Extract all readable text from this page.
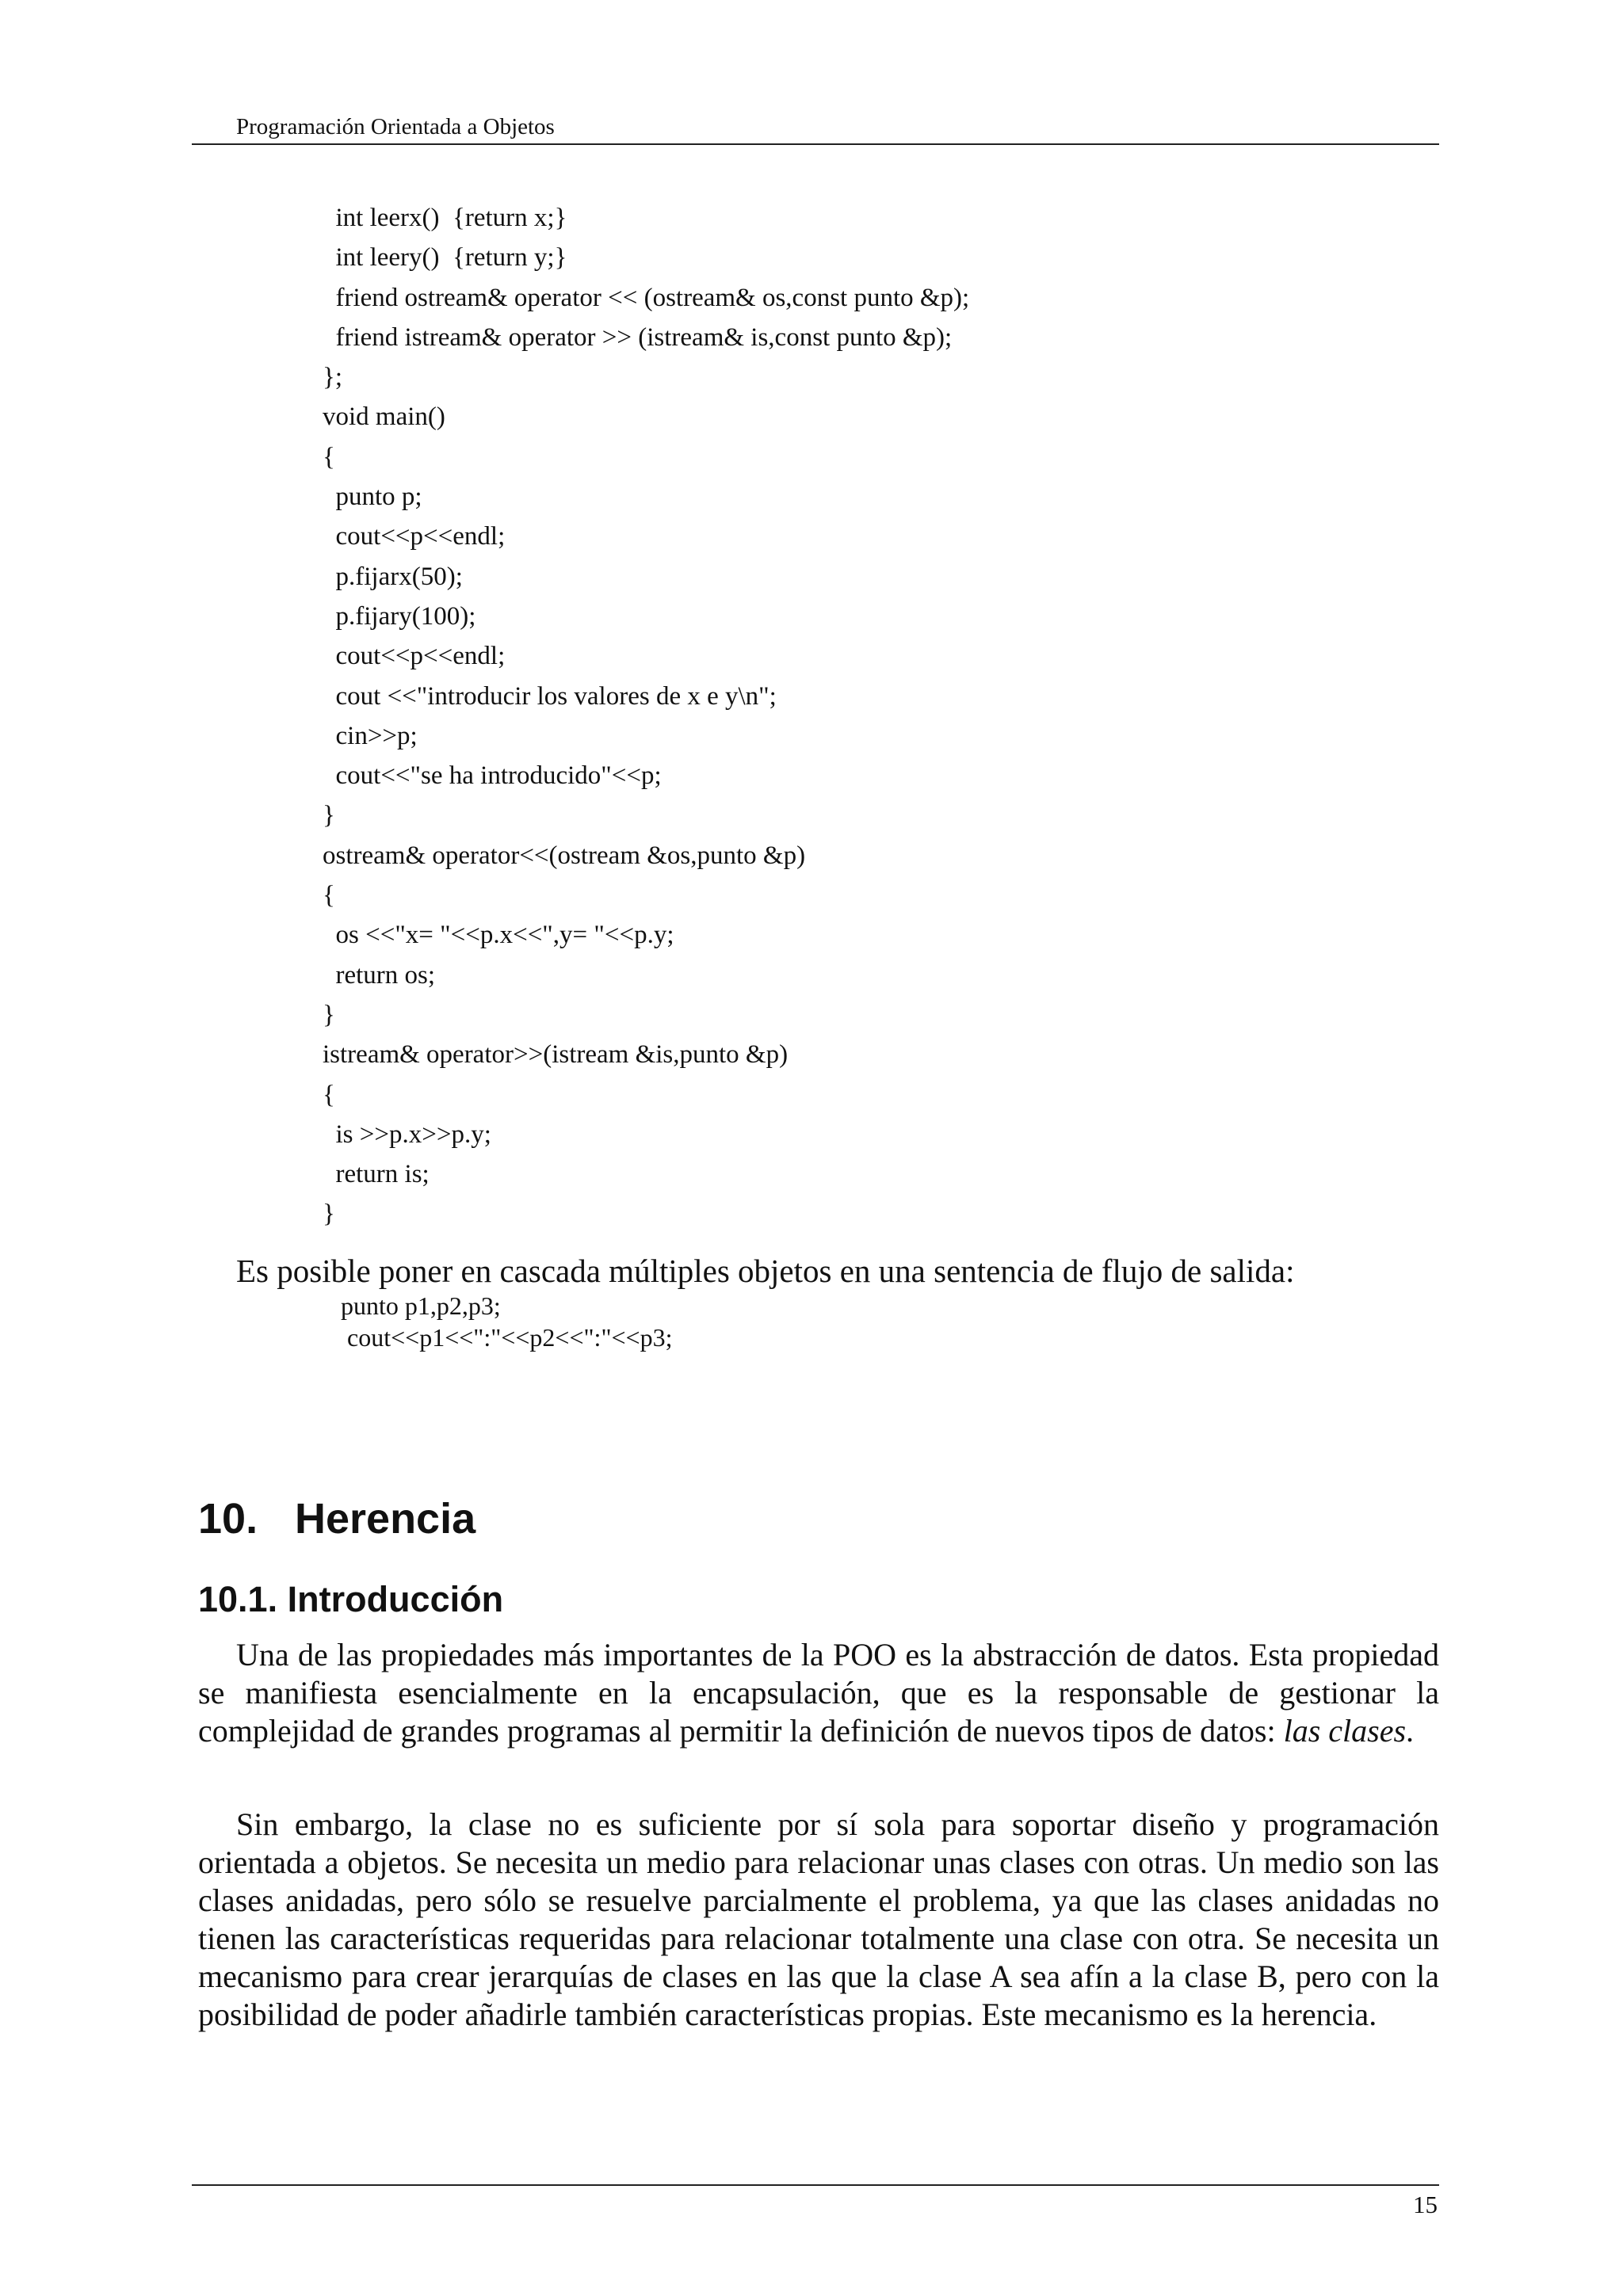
Programación Orientada a Objetos
int leerx()  {return x;}
int leery()  {return y;}
friend ostream& operator << (ostream& os,const punto &p);
friend istream& operator >> (istream& is,const punto &p);
};
void main()
{
punto p;
cout<<p<<endl;
p.fijarx(50);
p.fijary(100);
cout<<p<<endl;
cout <<"introducir los valores de x e y\n";
cin>>p;
cout<<"se ha introducido"<<p;
}
ostream& operator<<(ostream &os,punto &p)
{
os <<"x= "<<p.x<<",y= "<<p.y;
return os;
}
istream& operator>>(istream &is,punto &p)
{
is >>p.x>>p.y;
return is;
}
Es posible poner en cascada múltiples objetos en una sentencia de flujo de salida:
punto p1,p2,p3;
cout<<p1<<":"<<p2<<":"<<p3;
10. Herencia
10.1. Introducción

Una de las propiedades más importantes de la POO es la abstracción de datos. Esta propiedad se manifiesta esencialmente en la encapsulación, que es la responsable de gestionar la complejidad de grandes programas al permitir la definición de nuevos tipos de datos: las clases.

Sin embargo, la clase no es suficiente por sí sola para soportar diseño y programación orientada a objetos. Se necesita un medio para relacionar unas clases con otras. Un medio son las clases anidadas, pero sólo se resuelve parcialmente el problema, ya que las clases anidadas no tienen las características requeridas para relacionar totalmente una clase con otra. Se necesita un mecanismo para crear jerarquías de clases en las que la clase A sea afín a la clase B, pero con la posibilidad de poder añadirle también características propias. Este mecanismo es la herencia.

15
